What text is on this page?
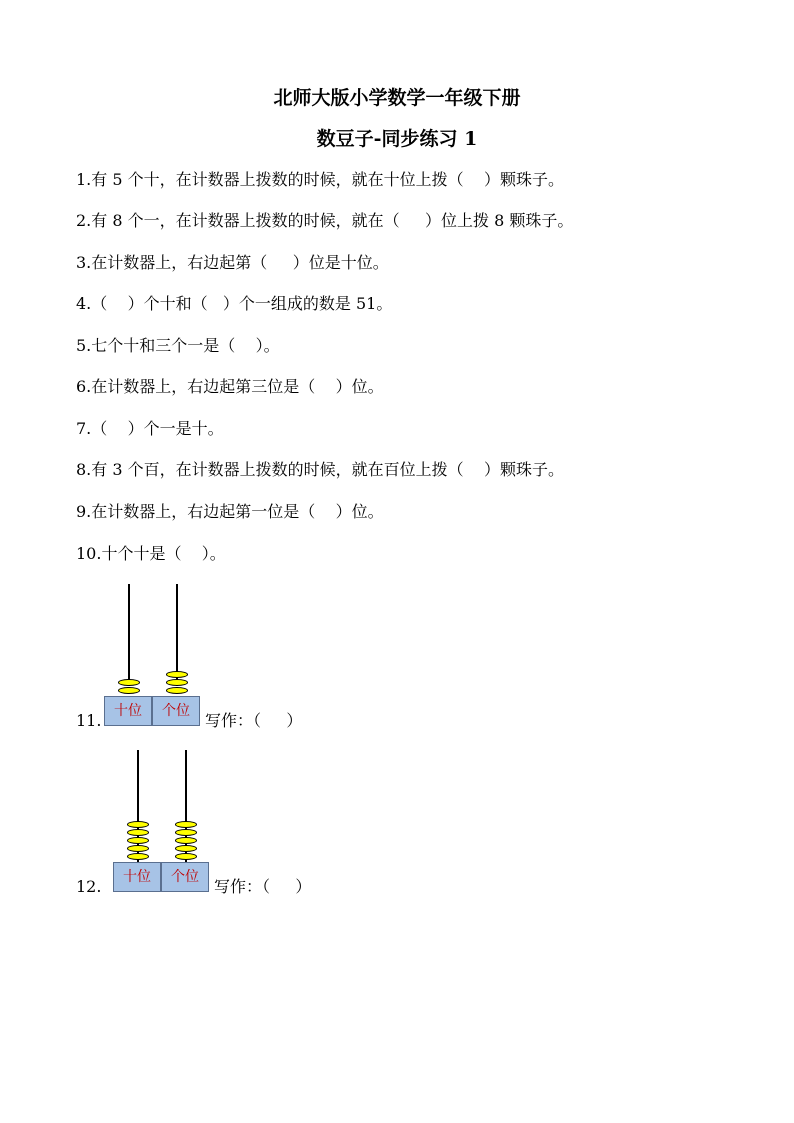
北师大版小学数学一年级下册
数豆子-同步练习 1
1.有 5 个十，在计数器上拨数的时候，就在十位上拨（    ）颗珠子。
2.有 8 个一，在计数器上拨数的时候，就在（     ）位上拨 8 颗珠子。
3.在计数器上，右边起第（     ）位是十位。
4.（    ）个十和（   ）个一组成的数是 51。
5.七个十和三个一是（    ）。
6.在计数器上，右边起第三位是（    ）位。
7.（    ）个一是十。
8.有 3 个百，在计数器上拨数的时候，就在百位上拨（    ）颗珠子。
9.在计数器上，右边起第一位是（    ）位。
10.十个十是（    ）。
11. 十位	个位 写作：（     ）
12.	十位	个位 写作：（     ）
